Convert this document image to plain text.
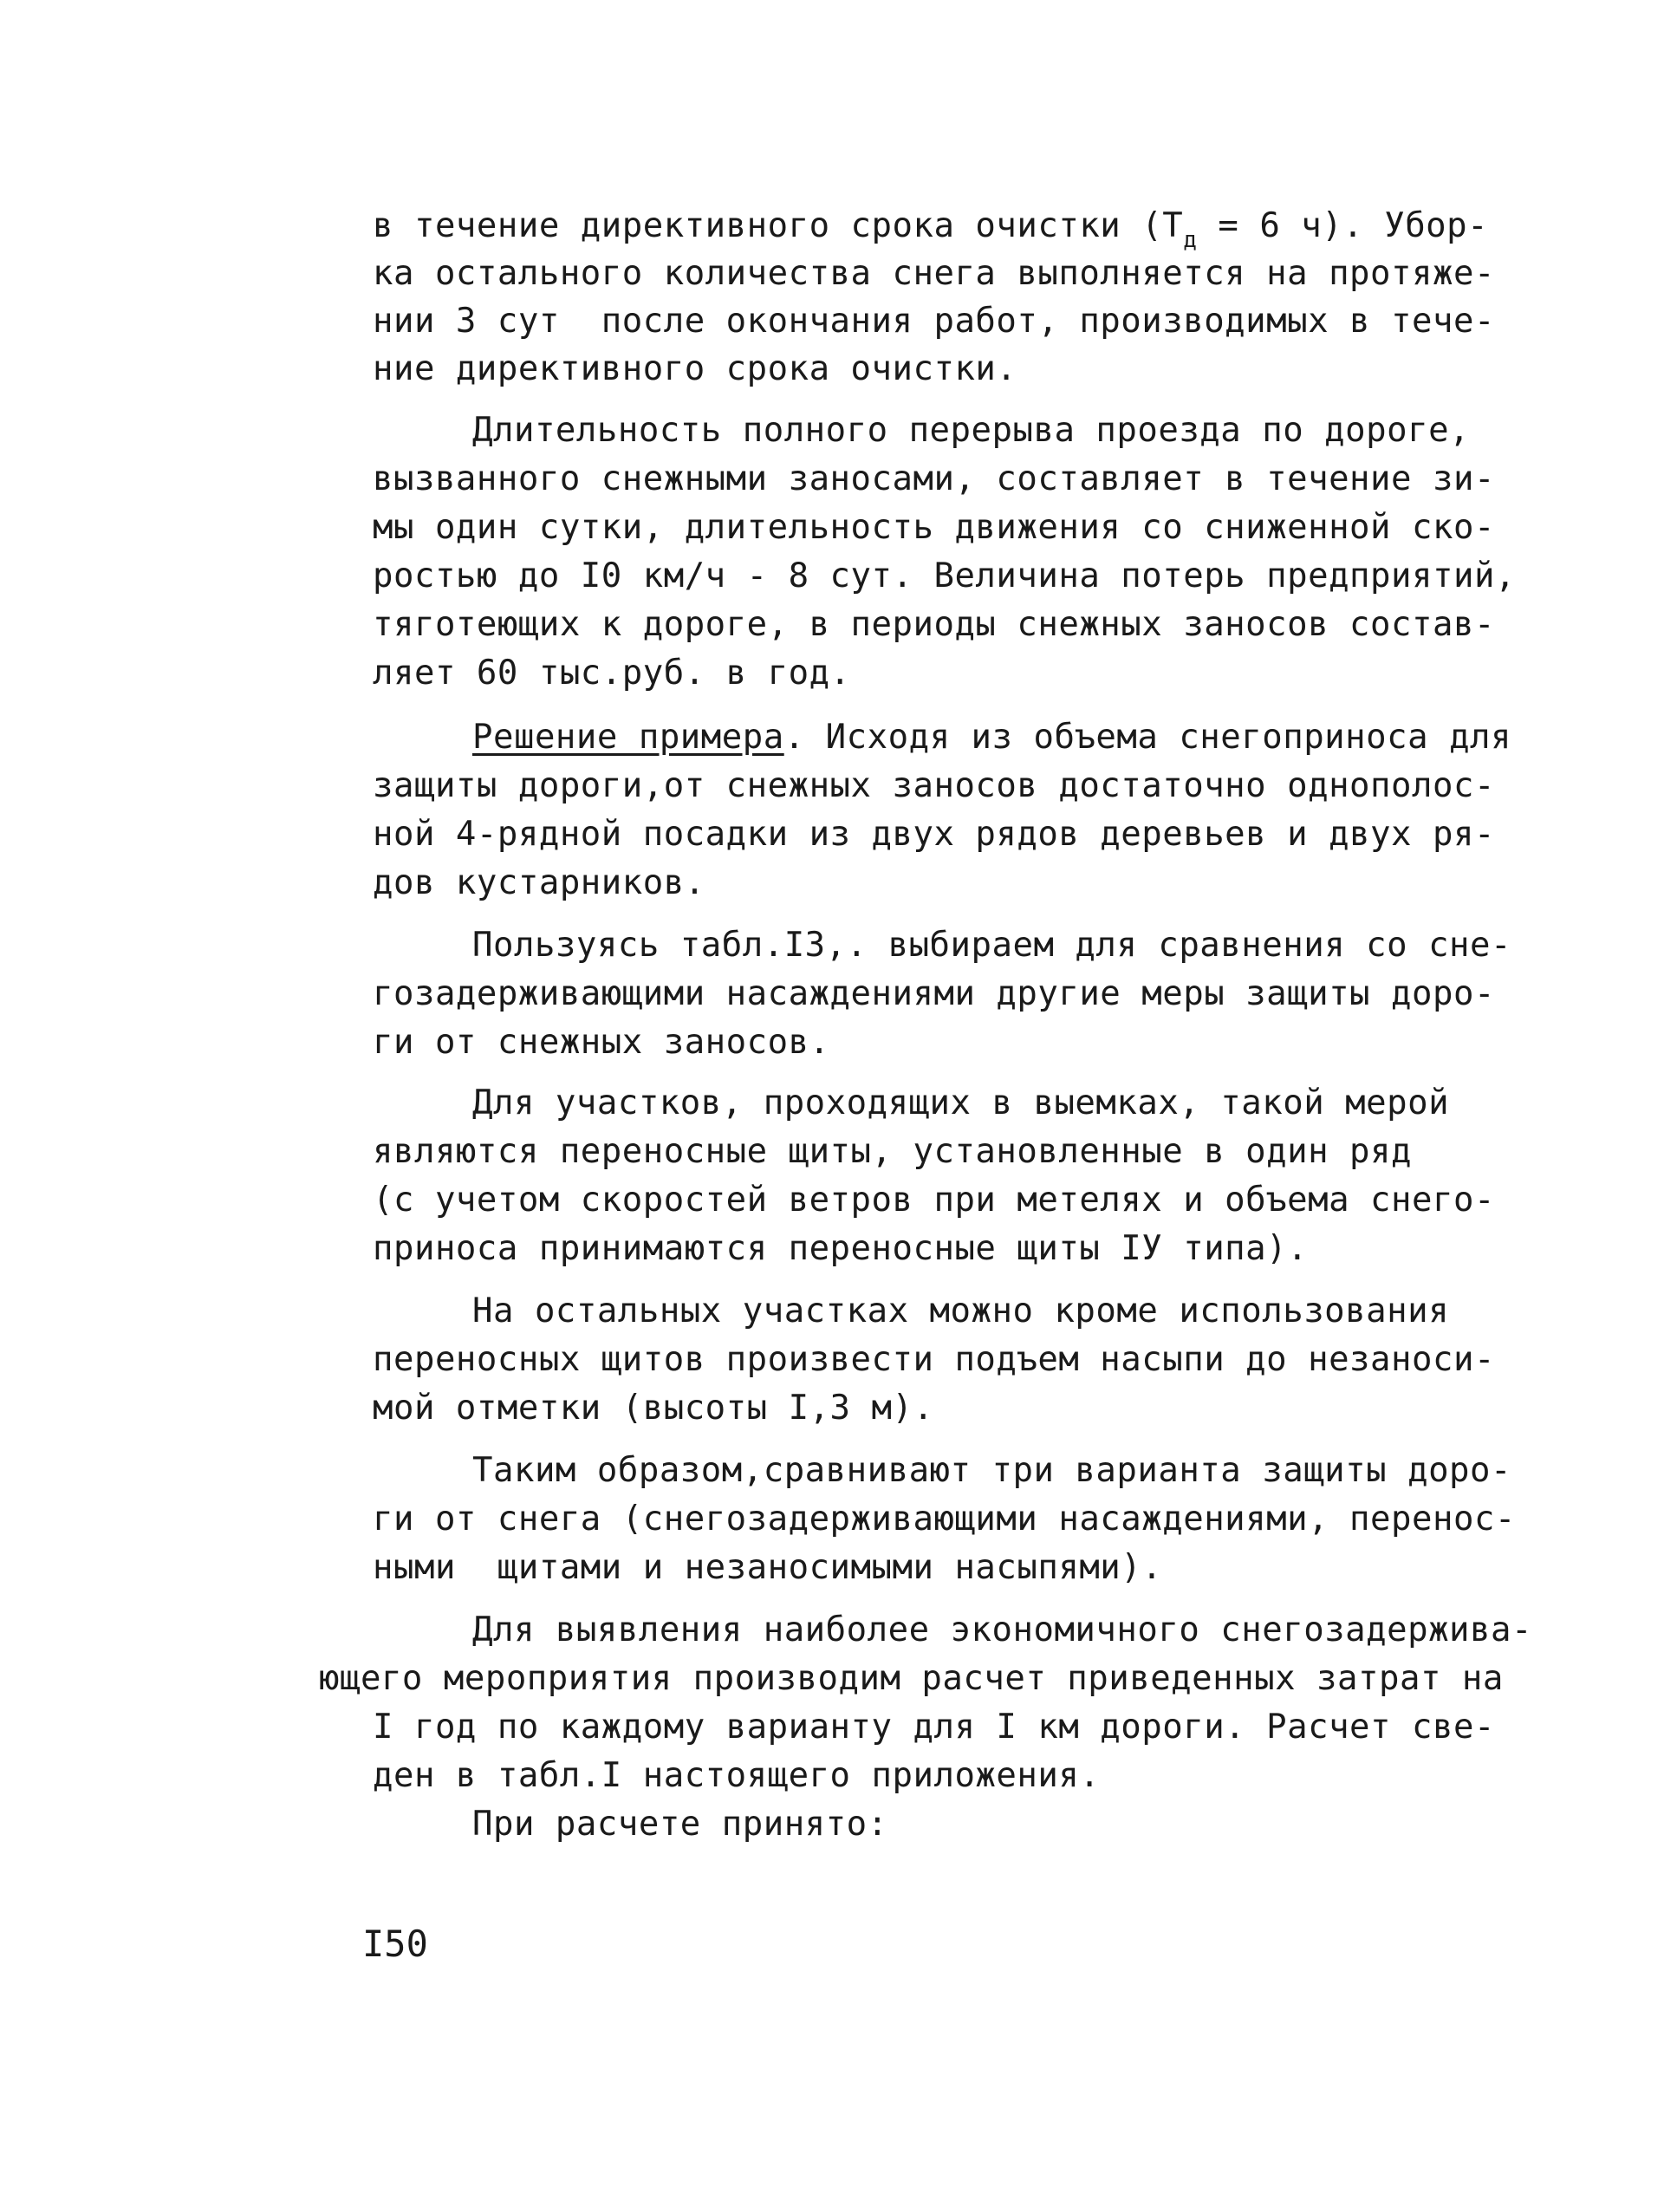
в течение директивного срока очистки ($Т_д = 6$ ч). Убор-
ка остального количества снега выполняется на протяже-
нии 3 сут  после окончания работ, производимых в тече-
ние директивного срока очистки.
Длительность полного перерыва проезда по дороге,
вызванного снежными заносами, составляет в течение зи-
мы один сутки, длительность движения со сниженной ско-
ростью до I0 км/ч - 8 сут. Величина потерь предприятий,
тяготеющих к дороге, в периоды снежных заносов состав-
ляет 60 тыс.руб. в год.
Решение примера. Исходя из объема снегоприноса для
защиты дороги,от снежных заносов достаточно однополос-
ной 4-рядной посадки из двух рядов деревьев и двух ря-
дов кустарников.
Пользуясь табл.I3,. выбираем для сравнения со сне-
гозадерживающими насаждениями другие меры защиты доро-
ги от снежных заносов.
Для участков, проходящих в выемках, такой мерой
являются переносные щиты, установленные в один ряд
(с учетом скоростей ветров при метелях и объема снего-
приноса принимаются переносные щиты IУ типа).
На остальных участках можно кроме использования
переносных щитов произвести подъем насыпи до незаноси-
мой отметки (высоты I,3 м).
Таким образом,сравнивают три варианта защиты доро-
ги от снега (снегозадерживающими насаждениями, перенос-
ными  щитами и незаносимыми насыпями).
Для выявления наиболее экономичного снегозадержива-
ющего мероприятия производим расчет приведенных затрат на
I год по каждому варианту для I км дороги. Расчет све-
ден в табл.I настоящего приложения.
При расчете принято:
I50
